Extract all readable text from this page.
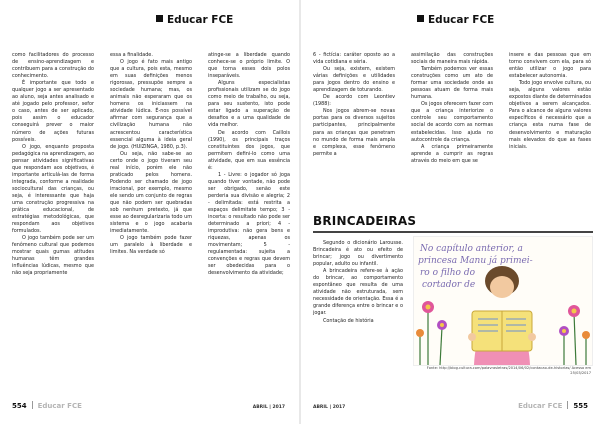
Educar FCE

como facilitadores do processo de ensino-aprendizagem e contribuem para a construção do conhecimento.

É importante que todo e qualquer jogo a ser apresentado ao aluno, seja antes analisado e até jogado pelo professor, sefor o caso, antes de ser aplicado, pois assim o educador conseguirá prever o maior número de ações futuras possíveis.

O jogo, enquanto proposta pedagógica na aprendizagem, ao pensar atividades significativas que respondam aos objetivos, é importante articulá-las de forma integrada, conforme a realidade sociocultural das crianças, ou seja, é interessante que haja uma construção progressiva na prática educacional, de estratégias metodológicas, que respondam aos objetivos formulados.

O jogo também pode ser um fenômeno cultural que podemos mostrar quais gumas atitudes humanas têm grandes influências lúdicas, mesmo que não seja propriamente

essa a finalidade.

O jogo é fato mais antigo que a cultura, pois esta, mesmo em suas definições menos rigorosas, pressupõe sempre a sociedade humana; mas, os animais não esperaram que os homens os iniciassem na atividade lúdica. É-nos possível afirmar com segurança que a civilização humana não acrescentou característica essencial alguma à ideia geral de jogo. (HUIZINGA, 1980, p.3).

Ou seja, não sabe-se ao certo onde o jogo tiveram seu real início, porém ele não praticado pelos homens. Podendo ser chamado de jogo irracional, por exemplo, mesmo ele sendo um conjunto de regras que não podem ser quebradas sob nenhum pretexto, já que esse ao desregularizaria todo um sistema e o jogo acabaria imediatamente.

O jogo também pode fazer um paralelo à liberdade e limites. Na verdade só

atinge-se a liberdade quando conhece-se o próprio limite. O que torna esses dois polos inseparáveis.

Alguns especialistas profissionais utilizam se do jogo como meio de trabalho, ou seja, para seu sustento, isto pode estar ligado a superação de desafios e a uma qualidade de vida melhor.

De acordo com Caillois (1990), os principais traços constituintes dos jogos, que permitem defini-lo como uma atividade, que em sua essência é:

1 - Livre: o jogador só joga quando tiver vontade, não pode ser obrigado, senão este perderia sua divisão e alegria; 2 - delimitada: está restrita a espaços delimitate tempo; 3 - incerta: o resultado não pode ser determinado a priori; 4 - improdutiva: não gera bens e riquezas, apenas os movimentam; 5 - regulamentada: sujeita a convenções e regras que devem ser obedecidas para o desenvolvimento da atividade;

554 Educar FCE	ABRIL | 2017
Educar FCE

6 - fictícia: caráter oposto ao a vida cotidiana e séria.

Ou seja, existem, existem várias definições e utilidades para jogos dentro do ensino e aprendizagem de toturando.

De acordo com Leontiev (1988):

Nos jogos abrem-se novas portas para os diversos sujeitos participantes, principalmente para as crianças que penetram no mundo de forma mais ampla e complexa, esse fenômeno permite a

assimilação das construções sociais de maneira mais rápida.

Também podemos ver essas construções como um ato de formar uma sociedade onde as pessoas atuam de forma mais humana.

Os jogos oferecem fazer com que a criança interiorize o controle seu comportamento social de acordo com as normas estabelecidas. Isso ajuda no autocontrole da criança.

A criança primeiramente aprende a cumprir as regras através do meio em que se

insere e das pessoas que em torno convivem com ela, para só então utilizar o jogo para estabelecer autonomia.

Todo jogo envolve cultura, ou seja, alguns valores estão expostos diante de determinados objetivos a serem alcançados. Para o alcance de alguns valores específicos é necessário que a criança esta numa fase de desenvolvimento e maturação mais elevados do que as fases iniciais.

BRINCADEIRAS

Segundo o dicionário Larousse. Brincadeira é ato ou efeito de brincar; jogo ou divertimento popular, adulto ou infantil.

A brincadeira refere-se à ação do brincar, ao comportamento espontâneo que resulta de uma atividade não estruturada, sem necessidade de orientação. Essa é a grande diferença entre o brincar e o jogar.

Contação de história

No capítulo anterior, a princesa Manu já primei- ro o filho do cortador de
Fonte: http://blog.cultura.com/palavrasletras/2014/06/02/contacao-de-historias/ Acesso em 25/03/2017
ABRIL | 2017	Educar FCE 555
